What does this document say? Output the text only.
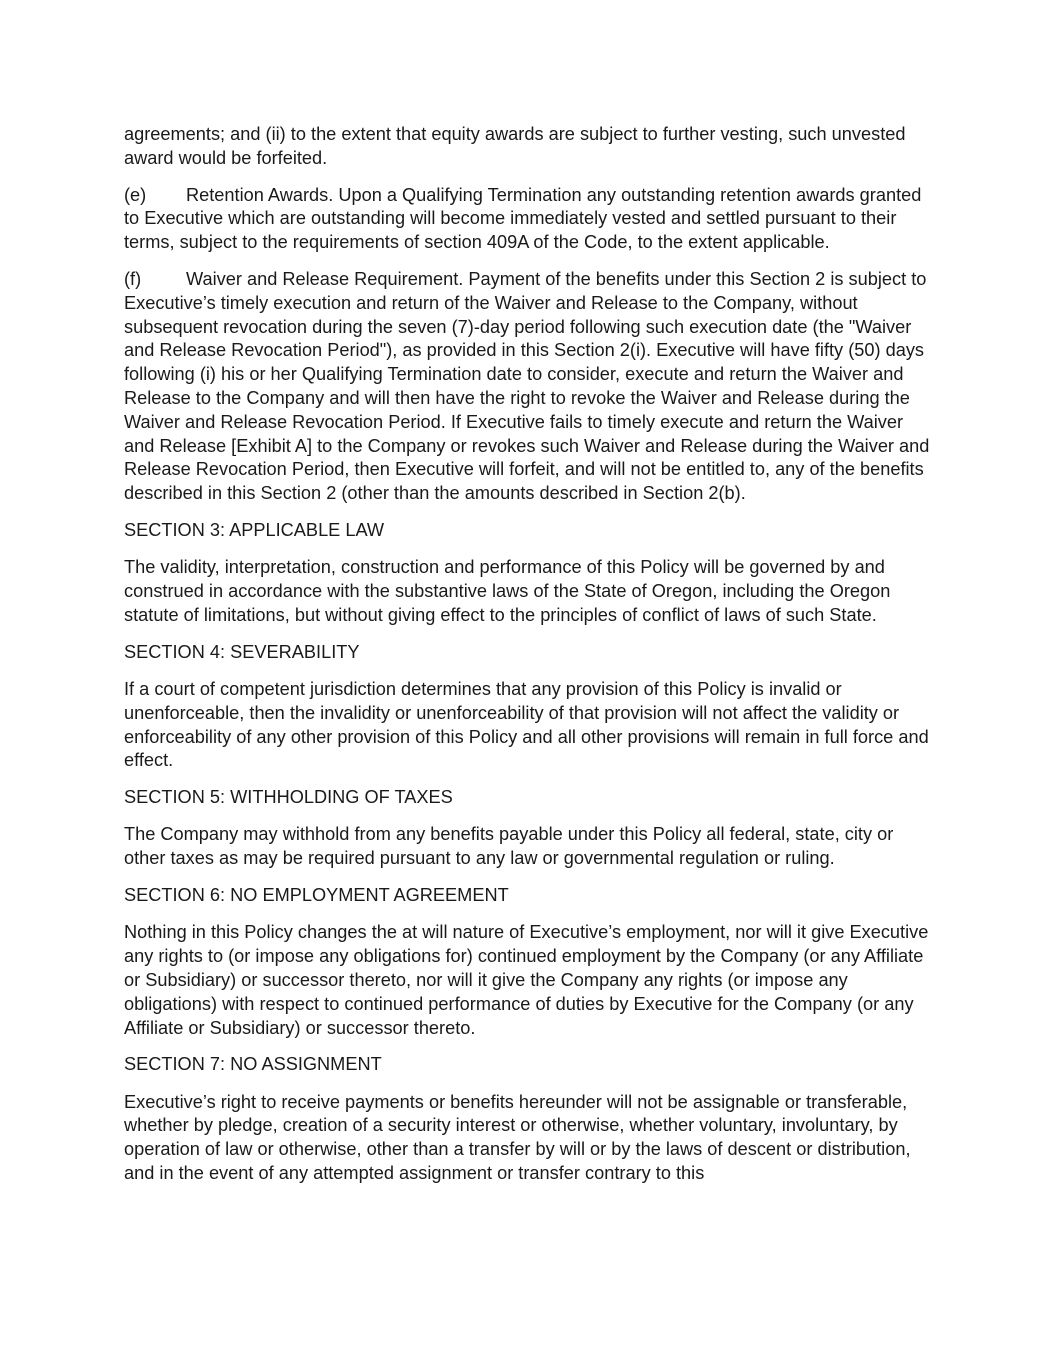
agreements; and (ii) to the extent that equity awards are subject to further vesting, such unvested award would be forfeited.

(e) Retention Awards. Upon a Qualifying Termination any outstanding retention awards granted to Executive which are outstanding will become immediately vested and settled pursuant to their terms, subject to the requirements of section 409A of the Code, to the extent applicable.

(f) Waiver and Release Requirement. Payment of the benefits under this Section 2 is subject to Executive’s timely execution and return of the Waiver and Release to the Company, without subsequent revocation during the seven (7)-day period following such execution date (the "Waiver and Release Revocation Period"), as provided in this Section 2(i). Executive will have fifty (50) days following (i) his or her Qualifying Termination date to consider, execute and return the Waiver and Release to the Company and will then have the right to revoke the Waiver and Release during the Waiver and Release Revocation Period. If Executive fails to timely execute and return the Waiver and Release [Exhibit A] to the Company or revokes such Waiver and Release during the Waiver and Release Revocation Period, then Executive will forfeit, and will not be entitled to, any of the benefits described in this Section 2 (other than the amounts described in Section 2(b).

SECTION 3: APPLICABLE LAW

The validity, interpretation, construction and performance of this Policy will be governed by and construed in accordance with the substantive laws of the State of Oregon, including the Oregon statute of limitations, but without giving effect to the principles of conflict of laws of such State.

SECTION 4: SEVERABILITY

If a court of competent jurisdiction determines that any provision of this Policy is invalid or unenforceable, then the invalidity or unenforceability of that provision will not affect the validity or enforceability of any other provision of this Policy and all other provisions will remain in full force and effect.

SECTION 5: WITHHOLDING OF TAXES

The Company may withhold from any benefits payable under this Policy all federal, state, city or other taxes as may be required pursuant to any law or governmental regulation or ruling.

SECTION 6: NO EMPLOYMENT AGREEMENT

Nothing in this Policy changes the at will nature of Executive’s employment, nor will it give Executive any rights to (or impose any obligations for) continued employment by the Company (or any Affiliate or Subsidiary) or successor thereto, nor will it give the Company any rights (or impose any obligations) with respect to continued performance of duties by Executive for the Company (or any Affiliate or Subsidiary) or successor thereto.

SECTION 7: NO ASSIGNMENT

Executive’s right to receive payments or benefits hereunder will not be assignable or transferable, whether by pledge, creation of a security interest or otherwise, whether voluntary, involuntary, by operation of law or otherwise, other than a transfer by will or by the laws of descent or distribution, and in the event of any attempted assignment or transfer contrary to this
